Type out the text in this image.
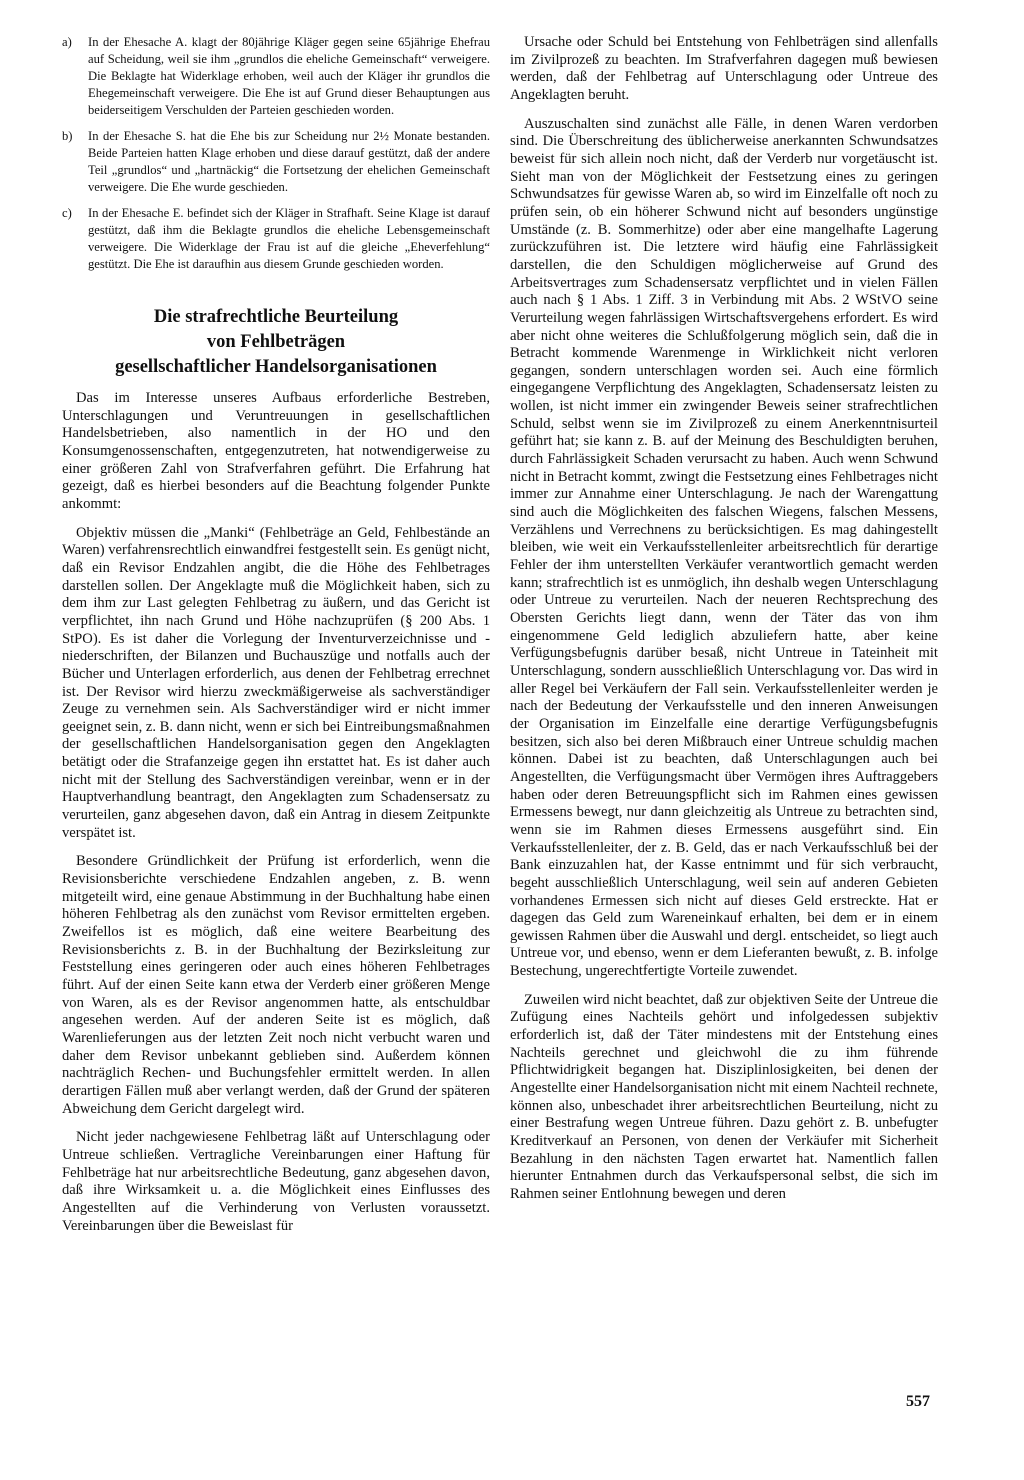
a) In der Ehesache A. klagt der 80jährige Kläger gegen seine 65jährige Ehefrau auf Scheidung, weil sie ihm „grundlos die eheliche Gemeinschaft“ verweigere. Die Beklagte hat Widerklage erhoben, weil auch der Kläger ihr grundlos die Ehegemeinschaft verweigere. Die Ehe ist auf Grund dieser Behauptungen aus beiderseitigem Verschulden der Parteien geschieden worden.
b) In der Ehesache S. hat die Ehe bis zur Scheidung nur 2½ Monate bestanden. Beide Parteien hatten Klage erhoben und diese darauf gestützt, daß der andere Teil „grundlos“ und „hartnäckig“ die Fortsetzung der ehelichen Gemeinschaft verweigere. Die Ehe wurde geschieden.
c) In der Ehesache E. befindet sich der Kläger in Strafhaft. Seine Klage ist darauf gestützt, daß ihm die Beklagte grundlos die eheliche Lebensgemeinschaft verweigere. Die Widerklage der Frau ist auf die gleiche „Eheverfehlung“ gestützt. Die Ehe ist daraufhin aus diesem Grunde geschieden worden.
Die strafrechtliche Beurteilung
von Fehlbeträgen
gesellschaftlicher Handelsorganisationen

Das im Interesse unseres Aufbaus erforderliche Bestreben, Unterschlagungen und Veruntreuungen in gesellschaftlichen Handelsbetrieben, also namentlich in der HO und den Konsumgenossenschaften, entgegenzutreten, hat notwendigerweise zu einer größeren Zahl von Strafverfahren geführt. Die Erfahrung hat gezeigt, daß es hierbei besonders auf die Beachtung folgender Punkte ankommt:

Objektiv müssen die „Manki“ (Fehlbeträge an Geld, Fehlbestände an Waren) verfahrensrechtlich einwandfrei festgestellt sein. Es genügt nicht, daß ein Revisor Endzahlen angibt, die die Höhe des Fehlbetrages darstellen sollen. Der Angeklagte muß die Möglichkeit haben, sich zu dem ihm zur Last gelegten Fehlbetrag zu äußern, und das Gericht ist verpflichtet, ihn nach Grund und Höhe nachzuprüfen (§ 200 Abs. 1 StPO). Es ist daher die Vorlegung der Inventurverzeichnisse und -niederschriften, der Bilanzen und Buchauszüge und notfalls auch der Bücher und Unterlagen erforderlich, aus denen der Fehlbetrag errechnet ist. Der Revisor wird hierzu zweckmäßigerweise als sachverständiger Zeuge zu vernehmen sein. Als Sachverständiger wird er nicht immer geeignet sein, z. B. dann nicht, wenn er sich bei Eintreibungsmaßnahmen der gesellschaftlichen Handelsorganisation gegen den Angeklagten betätigt oder die Strafanzeige gegen ihn erstattet hat. Es ist daher auch nicht mit der Stellung des Sachverständigen vereinbar, wenn er in der Hauptverhandlung beantragt, den Angeklagten zum Schadensersatz zu verurteilen, ganz abgesehen davon, daß ein Antrag in diesem Zeitpunkte verspätet ist.

Besondere Gründlichkeit der Prüfung ist erforderlich, wenn die Revisionsberichte verschiedene Endzahlen angeben, z. B. wenn mitgeteilt wird, eine genaue Abstimmung in der Buchhaltung habe einen höheren Fehlbetrag als den zunächst vom Revisor ermittelten ergeben. Zweifellos ist es möglich, daß eine weitere Bearbeitung des Revisionsberichts z. B. in der Buchhaltung der Bezirksleitung zur Feststellung eines geringeren oder auch eines höheren Fehlbetrages führt. Auf der einen Seite kann etwa der Verderb einer größeren Menge von Waren, als es der Revisor angenommen hatte, als entschuldbar angesehen werden. Auf der anderen Seite ist es möglich, daß Warenlieferungen aus der letzten Zeit noch nicht verbucht waren und daher dem Revisor unbekannt geblieben sind. Außerdem können nachträglich Rechen- und Buchungsfehler ermittelt werden. In allen derartigen Fällen muß aber verlangt werden, daß der Grund der späteren Abweichung dem Gericht dargelegt wird.

Nicht jeder nachgewiesene Fehlbetrag läßt auf Unterschlagung oder Untreue schließen. Vertragliche Vereinbarungen einer Haftung für Fehlbeträge hat nur arbeitsrechtliche Bedeutung, ganz abgesehen davon, daß ihre Wirksamkeit u. a. die Möglichkeit eines Einflusses des Angestellten auf die Verhinderung von Verlusten voraussetzt. Vereinbarungen über die Beweislast für

Ursache oder Schuld bei Entstehung von Fehlbeträgen sind allenfalls im Zivilprozeß zu beachten. Im Strafverfahren dagegen muß bewiesen werden, daß der Fehlbetrag auf Unterschlagung oder Untreue des Angeklagten beruht.

Auszuschalten sind zunächst alle Fälle, in denen Waren verdorben sind. Die Überschreitung des üblicherweise anerkannten Schwundsatzes beweist für sich allein noch nicht, daß der Verderb nur vorgetäuscht ist. Sieht man von der Möglichkeit der Festsetzung eines zu geringen Schwundsatzes für gewisse Waren ab, so wird im Einzelfalle oft noch zu prüfen sein, ob ein höherer Schwund nicht auf besonders ungünstige Umstände (z. B. Sommerhitze) oder aber eine mangelhafte Lagerung zurückzuführen ist. Die letztere wird häufig eine Fahrlässigkeit darstellen, die den Schuldigen möglicherweise auf Grund des Arbeitsvertrages zum Schadensersatz verpflichtet und in vielen Fällen auch nach § 1 Abs. 1 Ziff. 3 in Verbindung mit Abs. 2 WStVO seine Verurteilung wegen fahrlässigen Wirtschaftsvergehens erfordert. Es wird aber nicht ohne weiteres die Schlußfolgerung möglich sein, daß die in Betracht kommende Warenmenge in Wirklichkeit nicht verloren gegangen, sondern unterschlagen worden sei. Auch eine förmlich eingegangene Verpflichtung des Angeklagten, Schadensersatz leisten zu wollen, ist nicht immer ein zwingender Beweis seiner strafrechtlichen Schuld, selbst wenn sie im Zivilprozeß zu einem Anerkenntnisurteil geführt hat; sie kann z. B. auf der Meinung des Beschuldigten beruhen, durch Fahrlässigkeit Schaden verursacht zu haben. Auch wenn Schwund nicht in Betracht kommt, zwingt die Festsetzung eines Fehlbetrages nicht immer zur Annahme einer Unterschlagung. Je nach der Warengattung sind auch die Möglichkeiten des falschen Wiegens, falschen Messens, Verzählens und Verrechnens zu berücksichtigen. Es mag dahingestellt bleiben, wie weit ein Verkaufsstellenleiter arbeitsrechtlich für derartige Fehler der ihm unterstellten Verkäufer verantwortlich gemacht werden kann; strafrechtlich ist es unmöglich, ihn deshalb wegen Unterschlagung oder Untreue zu verurteilen. Nach der neueren Rechtsprechung des Obersten Gerichts liegt dann, wenn der Täter das von ihm eingenommene Geld lediglich abzuliefern hatte, aber keine Verfügungsbefugnis darüber besaß, nicht Untreue in Tateinheit mit Unterschlagung, sondern ausschließlich Unterschlagung vor. Das wird in aller Regel bei Verkäufern der Fall sein. Verkaufsstellenleiter werden je nach der Bedeutung der Verkaufsstelle und den inneren Anweisungen der Organisation im Einzelfalle eine derartige Verfügungsbefugnis besitzen, sich also bei deren Mißbrauch einer Untreue schuldig machen können. Dabei ist zu beachten, daß Unterschlagungen auch bei Angestellten, die Verfügungsmacht über Vermögen ihres Auftraggebers haben oder deren Betreuungspflicht sich im Rahmen eines gewissen Ermessens bewegt, nur dann gleichzeitig als Untreue zu betrachten sind, wenn sie im Rahmen dieses Ermessens ausgeführt sind. Ein Verkaufsstellenleiter, der z. B. Geld, das er nach Verkaufsschluß bei der Bank einzuzahlen hat, der Kasse entnimmt und für sich verbraucht, begeht ausschließlich Unterschlagung, weil sein auf anderen Gebieten vorhandenes Ermessen sich nicht auf dieses Geld erstreckte. Hat er dagegen das Geld zum Wareneinkauf erhalten, bei dem er in einem gewissen Rahmen über die Auswahl und dergl. entscheidet, so liegt auch Untreue vor, und ebenso, wenn er dem Lieferanten bewußt, z. B. infolge Bestechung, ungerechtfertigte Vorteile zuwendet.

Zuweilen wird nicht beachtet, daß zur objektiven Seite der Untreue die Zufügung eines Nachteils gehört und infolgedessen subjektiv erforderlich ist, daß der Täter mindestens mit der Entstehung eines Nachteils gerechnet und gleichwohl die zu ihm führende Pflichtwidrigkeit begangen hat. Disziplinlosigkeiten, bei denen der Angestellte einer Handelsorganisation nicht mit einem Nachteil rechnete, können also, unbeschadet ihrer arbeitsrechtlichen Beurteilung, nicht zu einer Bestrafung wegen Untreue führen. Dazu gehört z. B. unbefugter Kreditverkauf an Personen, von denen der Verkäufer mit Sicherheit Bezahlung in den nächsten Tagen erwartet hat. Namentlich fallen hierunter Entnahmen durch das Verkaufspersonal selbst, die sich im Rahmen seiner Entlohnung bewegen und deren

557
